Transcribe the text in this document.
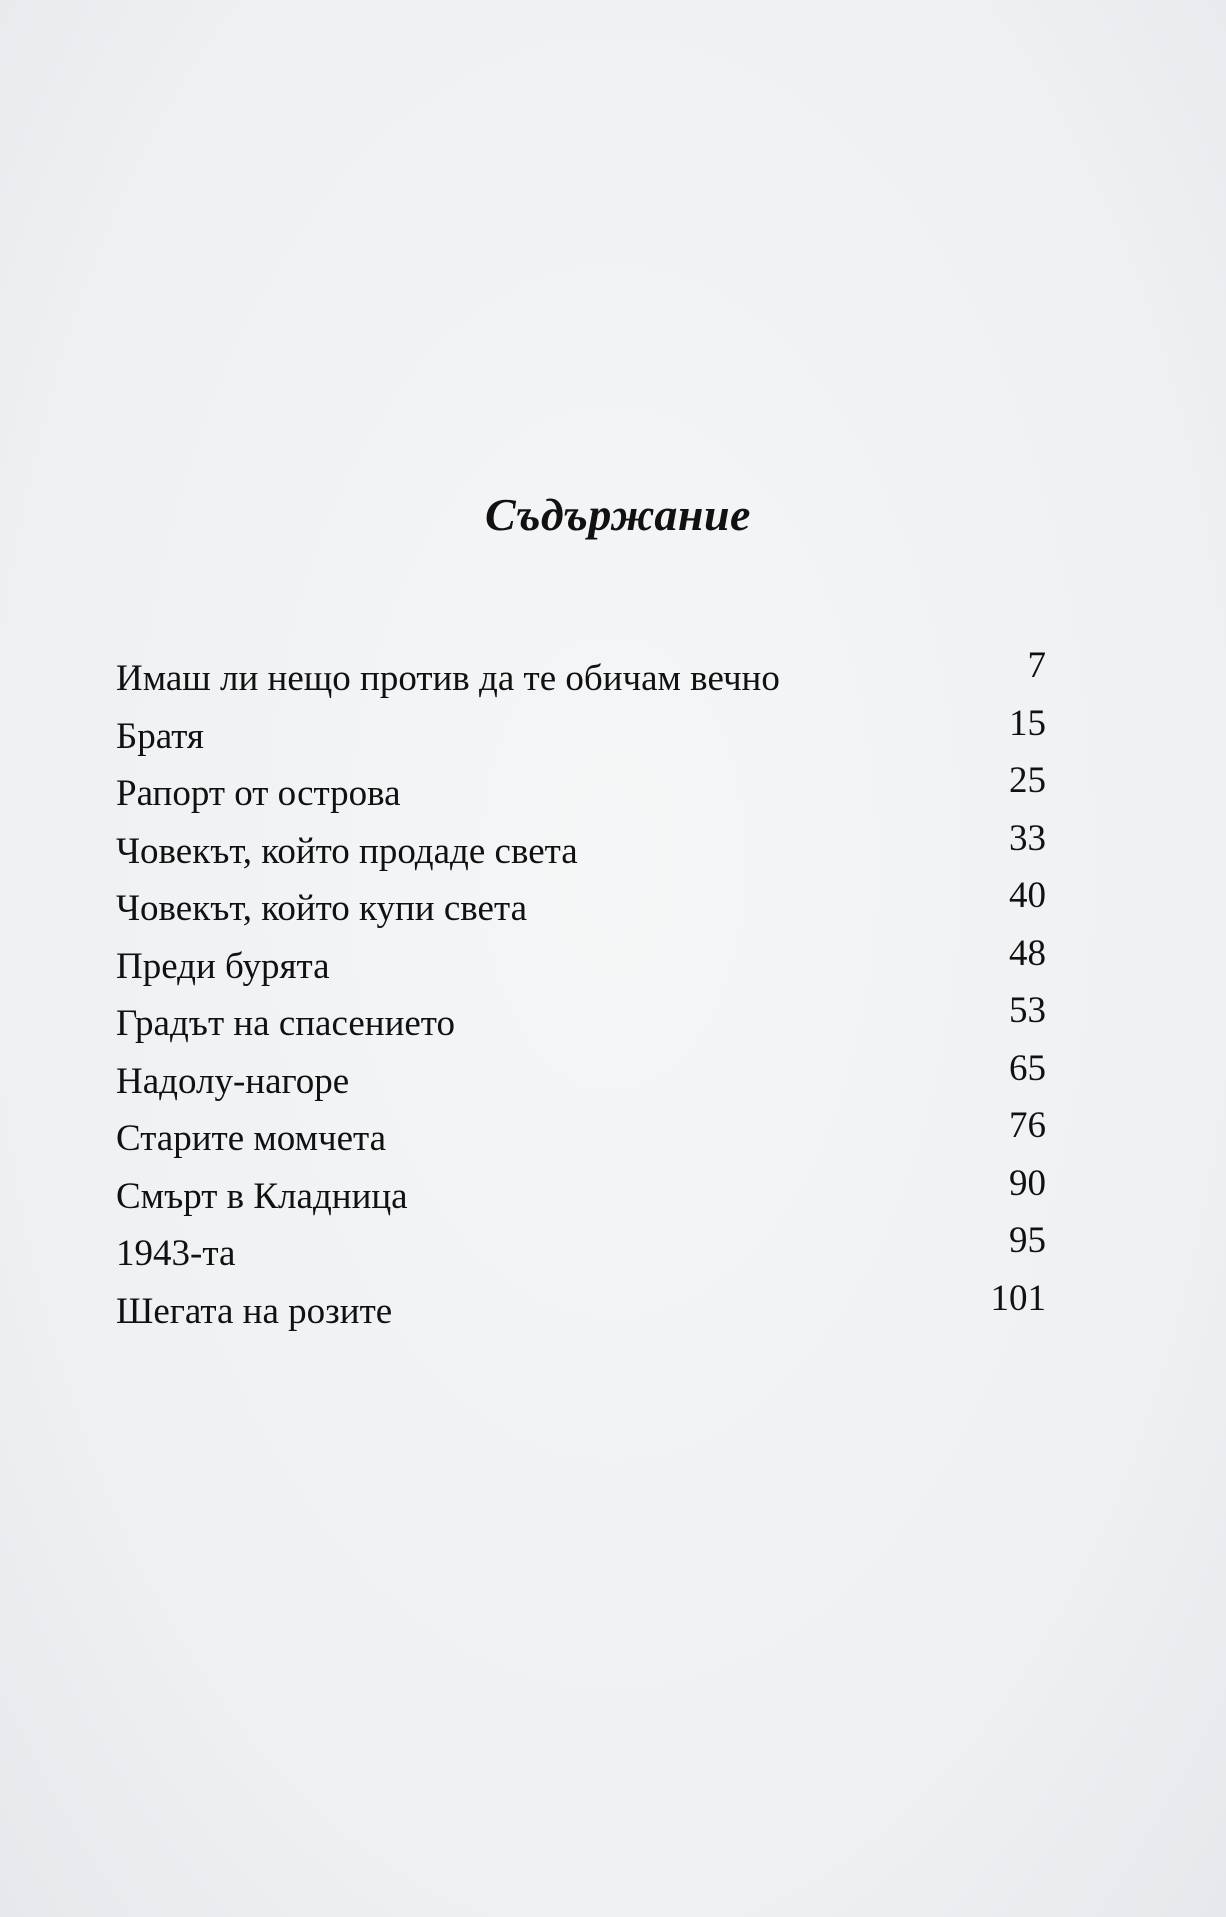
Съдържание
Имаш ли нещо против да те обичам вечно	7
Братя	15
Рапорт от острова	25
Човекът, който продаде света	33
Човекът, който купи света	40
Преди бурята	48
Градът на спасението	53
Надолу-нагоре	65
Старите момчета	76
Смърт в Кладница	90
1943-та	95
Шегата на розите	101
